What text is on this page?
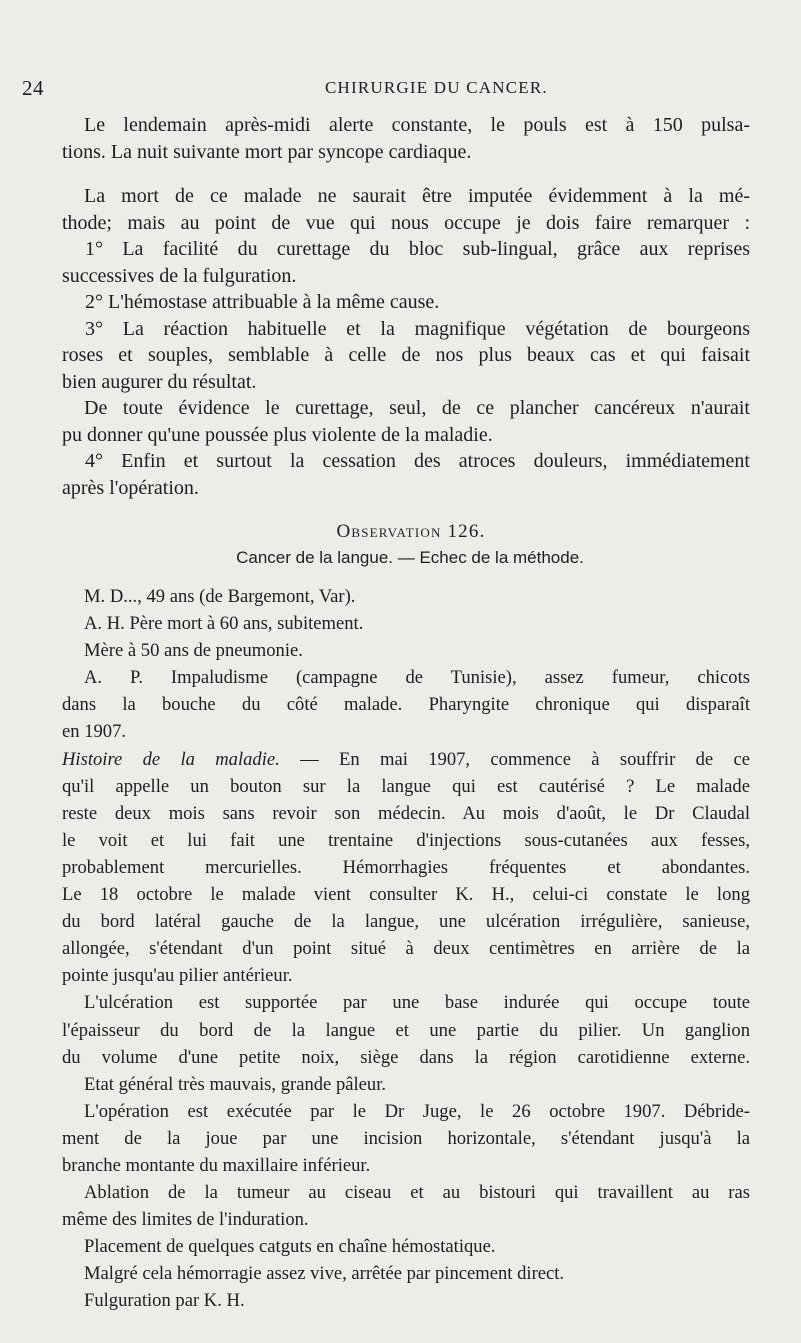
24	CHIRURGIE DU CANCER.
Le lendemain après-midi alerte constante, le pouls est à 150 pulsa-
tions. La nuit suivante mort par syncope cardiaque.
La mort de ce malade ne saurait être imputée évidemment à la mé-
thode; mais au point de vue qui nous occupe je dois faire remarquer :
1° La facilité du curettage du bloc sub-lingual, grâce aux reprises
successives de la fulguration.
2° L'hémostase attribuable à la même cause.
3° La réaction habituelle et la magnifique végétation de bourgeons
roses et souples, semblable à celle de nos plus beaux cas et qui faisait
bien augurer du résultat.
De toute évidence le curettage, seul, de ce plancher cancéreux n'aurait
pu donner qu'une poussée plus violente de la maladie.
4° Enfin et surtout la cessation des atroces douleurs, immédiatement
après l'opération.
Observation 126.
Cancer de la langue. — Echec de la méthode.
M. D..., 49 ans (de Bargemont, Var).
A. H. Père mort à 60 ans, subitement.
Mère à 50 ans de pneumonie.
A. P. Impaludisme (campagne de Tunisie), assez fumeur, chicots
dans la bouche du côté malade. Pharyngite chronique qui disparaît
en 1907.
Histoire de la maladie. — En mai 1907, commence à souffrir de ce
qu'il appelle un bouton sur la langue qui est cautérisé ? Le malade
reste deux mois sans revoir son médecin. Au mois d'août, le Dr Claudal
le voit et lui fait une trentaine d'injections sous-cutanées aux fesses,
probablement mercurielles. Hémorrhagies fréquentes et abondantes.
Le 18 octobre le malade vient consulter K. H., celui-ci constate le long
du bord latéral gauche de la langue, une ulcération irrégulière, sanieuse,
allongée, s'étendant d'un point situé à deux centimètres en arrière de la
pointe jusqu'au pilier antérieur.
L'ulcération est supportée par une base indurée qui occupe toute
l'épaisseur du bord de la langue et une partie du pilier. Un ganglion
du volume d'une petite noix, siège dans la région carotidienne externe.
Etat général très mauvais, grande pâleur.
L'opération est exécutée par le Dr Juge, le 26 octobre 1907. Débride-
ment de la joue par une incision horizontale, s'étendant jusqu'à la
branche montante du maxillaire inférieur.
Ablation de la tumeur au ciseau et au bistouri qui travaillent au ras
même des limites de l'induration.
Placement de quelques catguts en chaîne hémostatique.
Malgré cela hémorragie assez vive, arrêtée par pincement direct.
Fulguration par K. H.
